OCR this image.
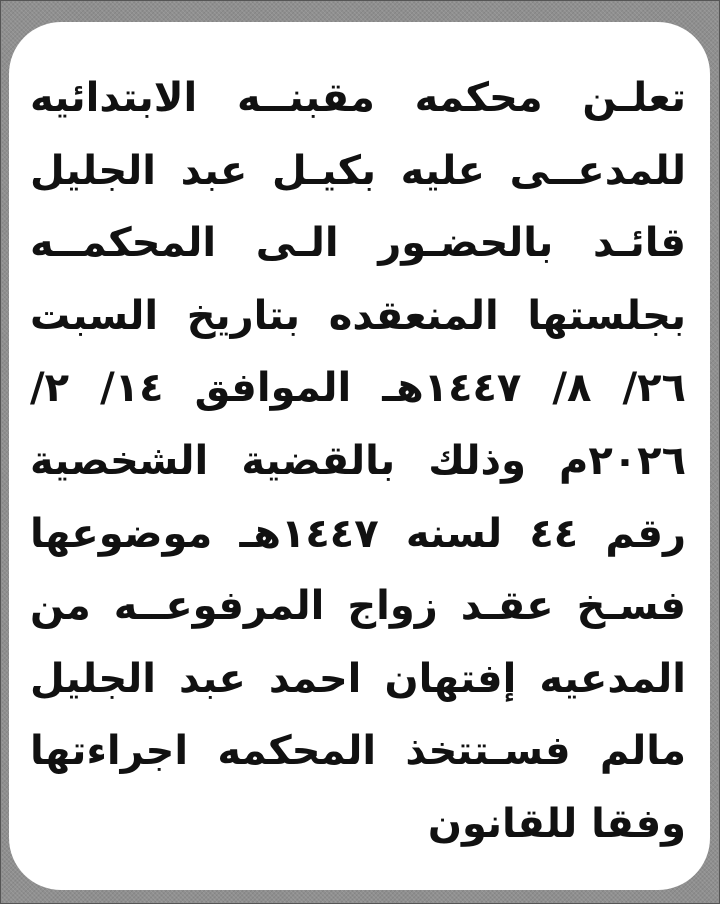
تعلـن محكمه مقبنــه الابتدائيه
للمدعــى عليه بكيـل عبد الجليل
قائـد بالحضـور الـى المحكمــه
بجلستها المنعقده بتاريخ السبت
٢٦/ ٨/ ١٤٤٧هـ الموافق ١٤/ ٢/
٢٠٢٦م وذلك بالقضية الشخصية
رقم ٤٤ لسنه ١٤٤٧هـ موضوعها
فسـخ عقـد زواج المرفوعــه من
المدعيه إفتهان احمد عبد الجليل
مالم فسـتتخذ المحكمه اجراءتها
وفقا للقانون
